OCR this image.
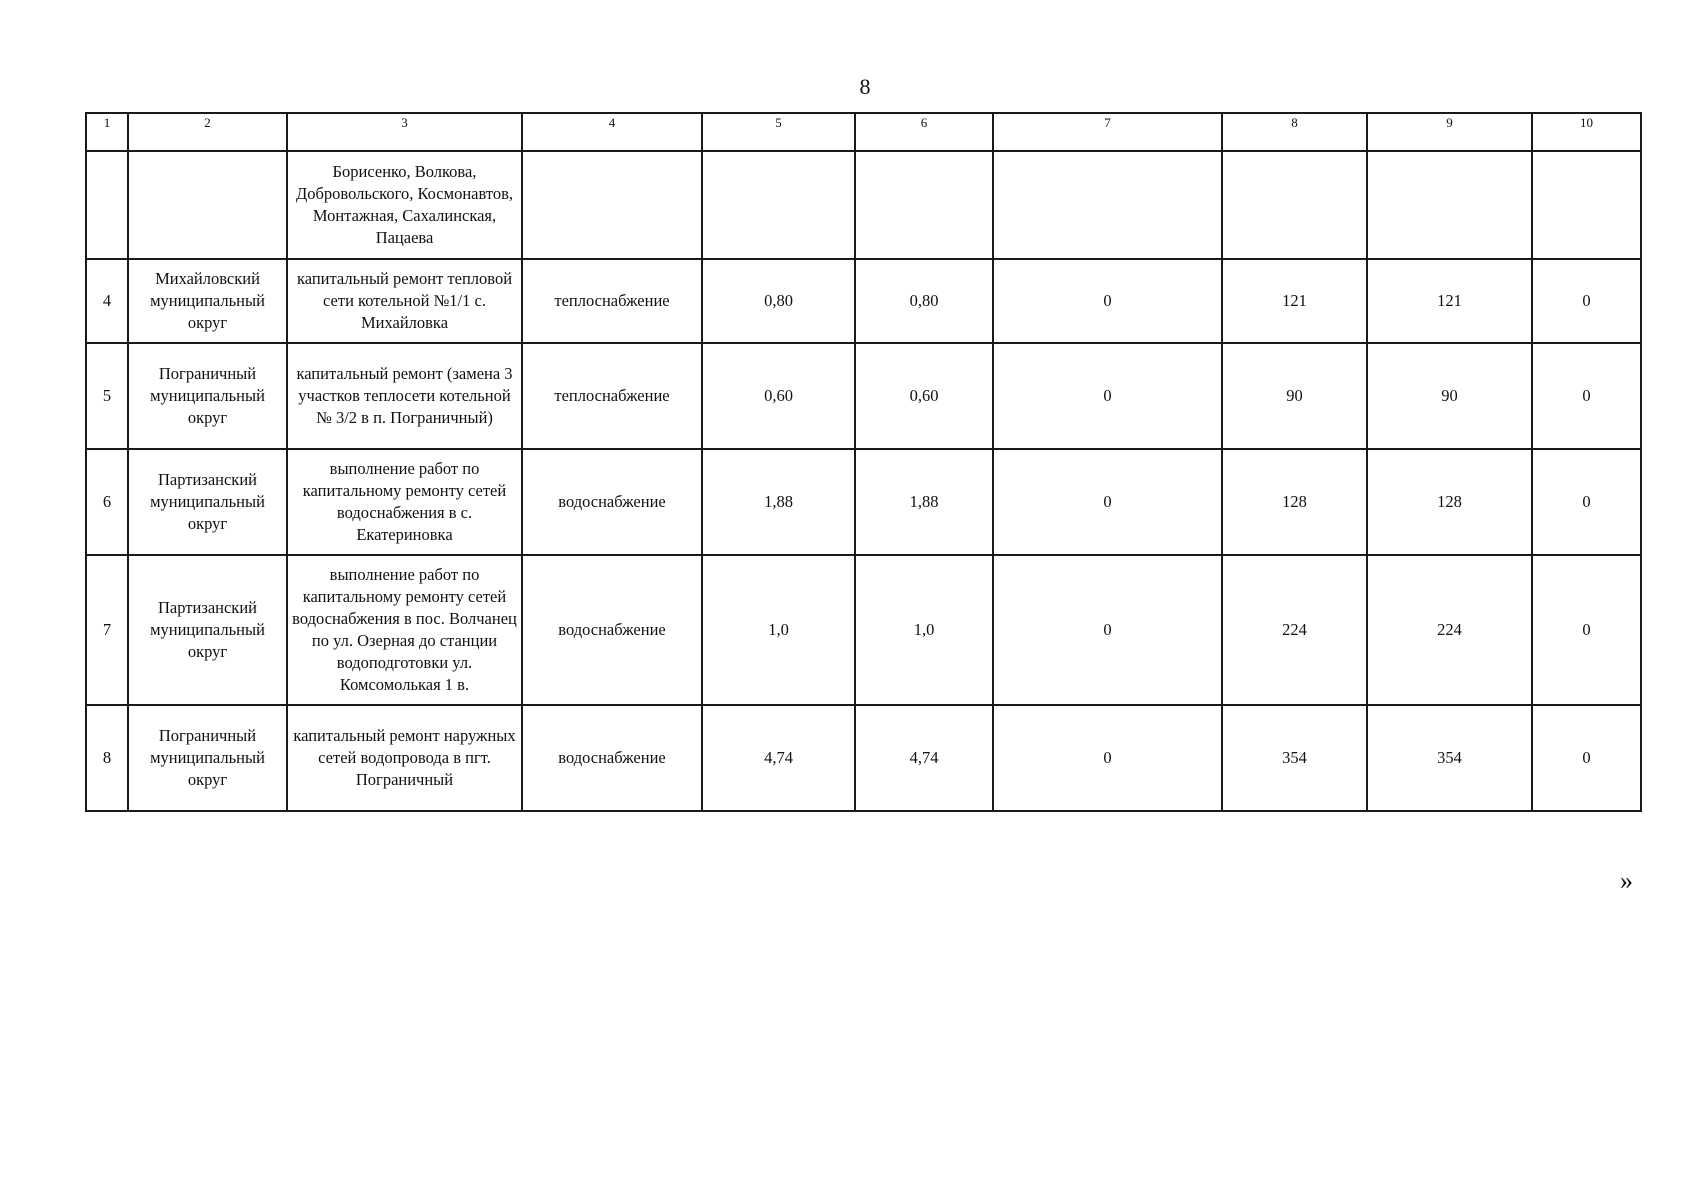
8
1	2	3	4	5	6	7	8	9	10
		Борисенко, Волкова, Добровольского, Космонавтов, Монтажная, Сахалинская, Пацаева							
4	Михайловский муниципальный округ	капитальный ремонт тепловой сети котельной №1/1 с. Михайловка	теплоснабжение	0,80	0,80	0	121	121	0
5	Пограничный муниципальный округ	капитальный ремонт (замена 3 участков теплосети котельной № 3/2 в п. Пограничный)	теплоснабжение	0,60	0,60	0	90	90	0
6	Партизанский муниципальный округ	выполнение работ по капитальному ремонту сетей водоснабжения в с. Екатериновка	водоснабжение	1,88	1,88	0	128	128	0
7	Партизанский муниципальный округ	выполнение работ по капитальному ремонту сетей водоснабжения в пос. Волчанец по ул. Озерная до станции водоподготовки ул. Комсомолькая 1 в.	водоснабжение	1,0	1,0	0	224	224	0
8	Пограничный муниципальный округ	капитальный ремонт наружных сетей водопровода в пгт. Пограничный	водоснабжение	4,74	4,74	0	354	354	0
»
